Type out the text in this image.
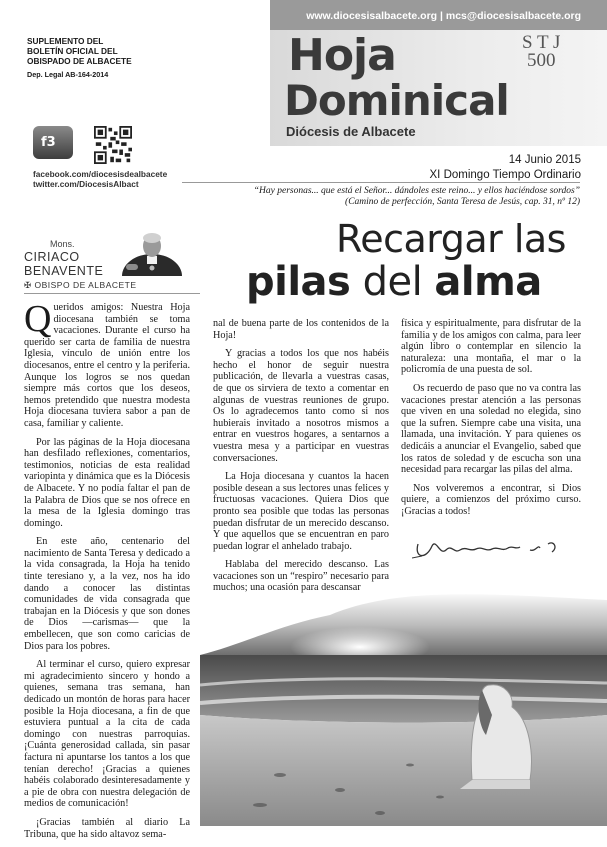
www.diocesisalbacete.org | mcs@diocesisalbacete.org
Hoja
Dominical
Diócesis de Albacete
S T J
500
14 Junio 2015
XI Domingo Tiempo Ordinario
SUPLEMENTO DEL
BOLETÍN OFICIAL DEL
OBISPADO DE ALBACETE
Dep. Legal AB-164-2014
f3
facebook.com/diocesisdealbacete
twitter.com/DiocesisAlbact
“Hay personas... que está el Señor... dándoles este reino... y ellos haciéndose sordos”
(Camino de perfección, Santa Teresa de Jesús, cap. 31, nº 12)
Mons.
CIRIACO
BENAVENTE
✠ OBISPO DE ALBACETE
Recargar las
pilas del alma

Queridos amigos: Nuestra Hoja diocesana también se toma vacaciones. Durante el curso ha querido ser carta de familia de nuestra Iglesia, vínculo de unión entre los diocesanos, entre el centro y la periferia. Aunque los logros se nos quedan siempre más cortos que los deseos, hemos pretendido que nuestra modesta Hoja diocesana tuviera sabor a pan de casa, familiar y caliente.

Por las páginas de la Hoja diocesana han desfilado reflexiones, comentarios, testimonios, noticias de esta realidad variopinta y dinámica que es la Diócesis de Albacete. Y no podía faltar el pan de la Palabra de Dios que se nos ofrece en la mesa de la Iglesia domingo tras domingo.

En este año, centenario del nacimiento de Santa Teresa y dedicado a la vida consagrada, la Hoja ha tenido tinte teresiano y, a la vez, nos ha ido dando a conocer las distintas comunidades de vida consagrada que trabajan en la Diócesis y que son dones de Dios —carismas— que la embellecen, que son como caricias de Dios para los pobres.

Al terminar el curso, quiero expresar mi agradecimiento sincero y hondo a quienes, semana tras semana, han dedicado un montón de horas para hacer posible la Hoja diocesana, a fin de que estuviera puntual a la cita de cada domingo con nuestras parroquias. ¡Cuánta generosidad callada, sin pasar factura ni apuntarse los tantos a los que tenían derecho! ¡Gracias a quienes habéis colaborado desinteresadamente y a pie de obra con nuestra delegación de medios de comunicación!

¡Gracias también al diario La Tribuna, que ha sido altavoz sema-

nal de buena parte de los contenidos de la Hoja!

Y gracias a todos los que nos habéis hecho el honor de seguir nuestra publicación, de llevarla a vuestras casas, de que os sirviera de texto a comentar en algunas de vuestras reuniones de grupo. Os lo agradecemos tanto como si nos hubierais invitado a nosotros mismos a entrar en vuestros hogares, a sentarnos a vuestra mesa y a participar en vuestras conversaciones.

La Hoja diocesana y cuantos la hacen posible desean a sus lectores unas felices y fructuosas vacaciones. Quiera Dios que pronto sea posible que todas las personas puedan disfrutar de un merecido descanso. Y que aquellos que se encuentran en paro puedan lograr el anhelado trabajo.

Hablaba del merecido descanso. Las vacaciones son un “respiro” necesario para muchos; una ocasión para descansar

física y espiritualmente, para disfrutar de la familia y de los amigos con calma, para leer algún libro o contemplar en silencio la naturaleza: una montaña, el mar o la policromía de una puesta de sol.

Os recuerdo de paso que no va contra las vacaciones prestar atención a las personas que viven en una soledad no elegida, sino que la sufren. Siempre cabe una visita, una llamada, una invitación. Y para quienes os dedicáis a anunciar el Evangelio, sabed que los ratos de soledad y de escucha son una necesidad para recargar las pilas del alma.

Nos volveremos a encontrar, si Dios quiere, a comienzos del próximo curso. ¡Gracias a todos!
